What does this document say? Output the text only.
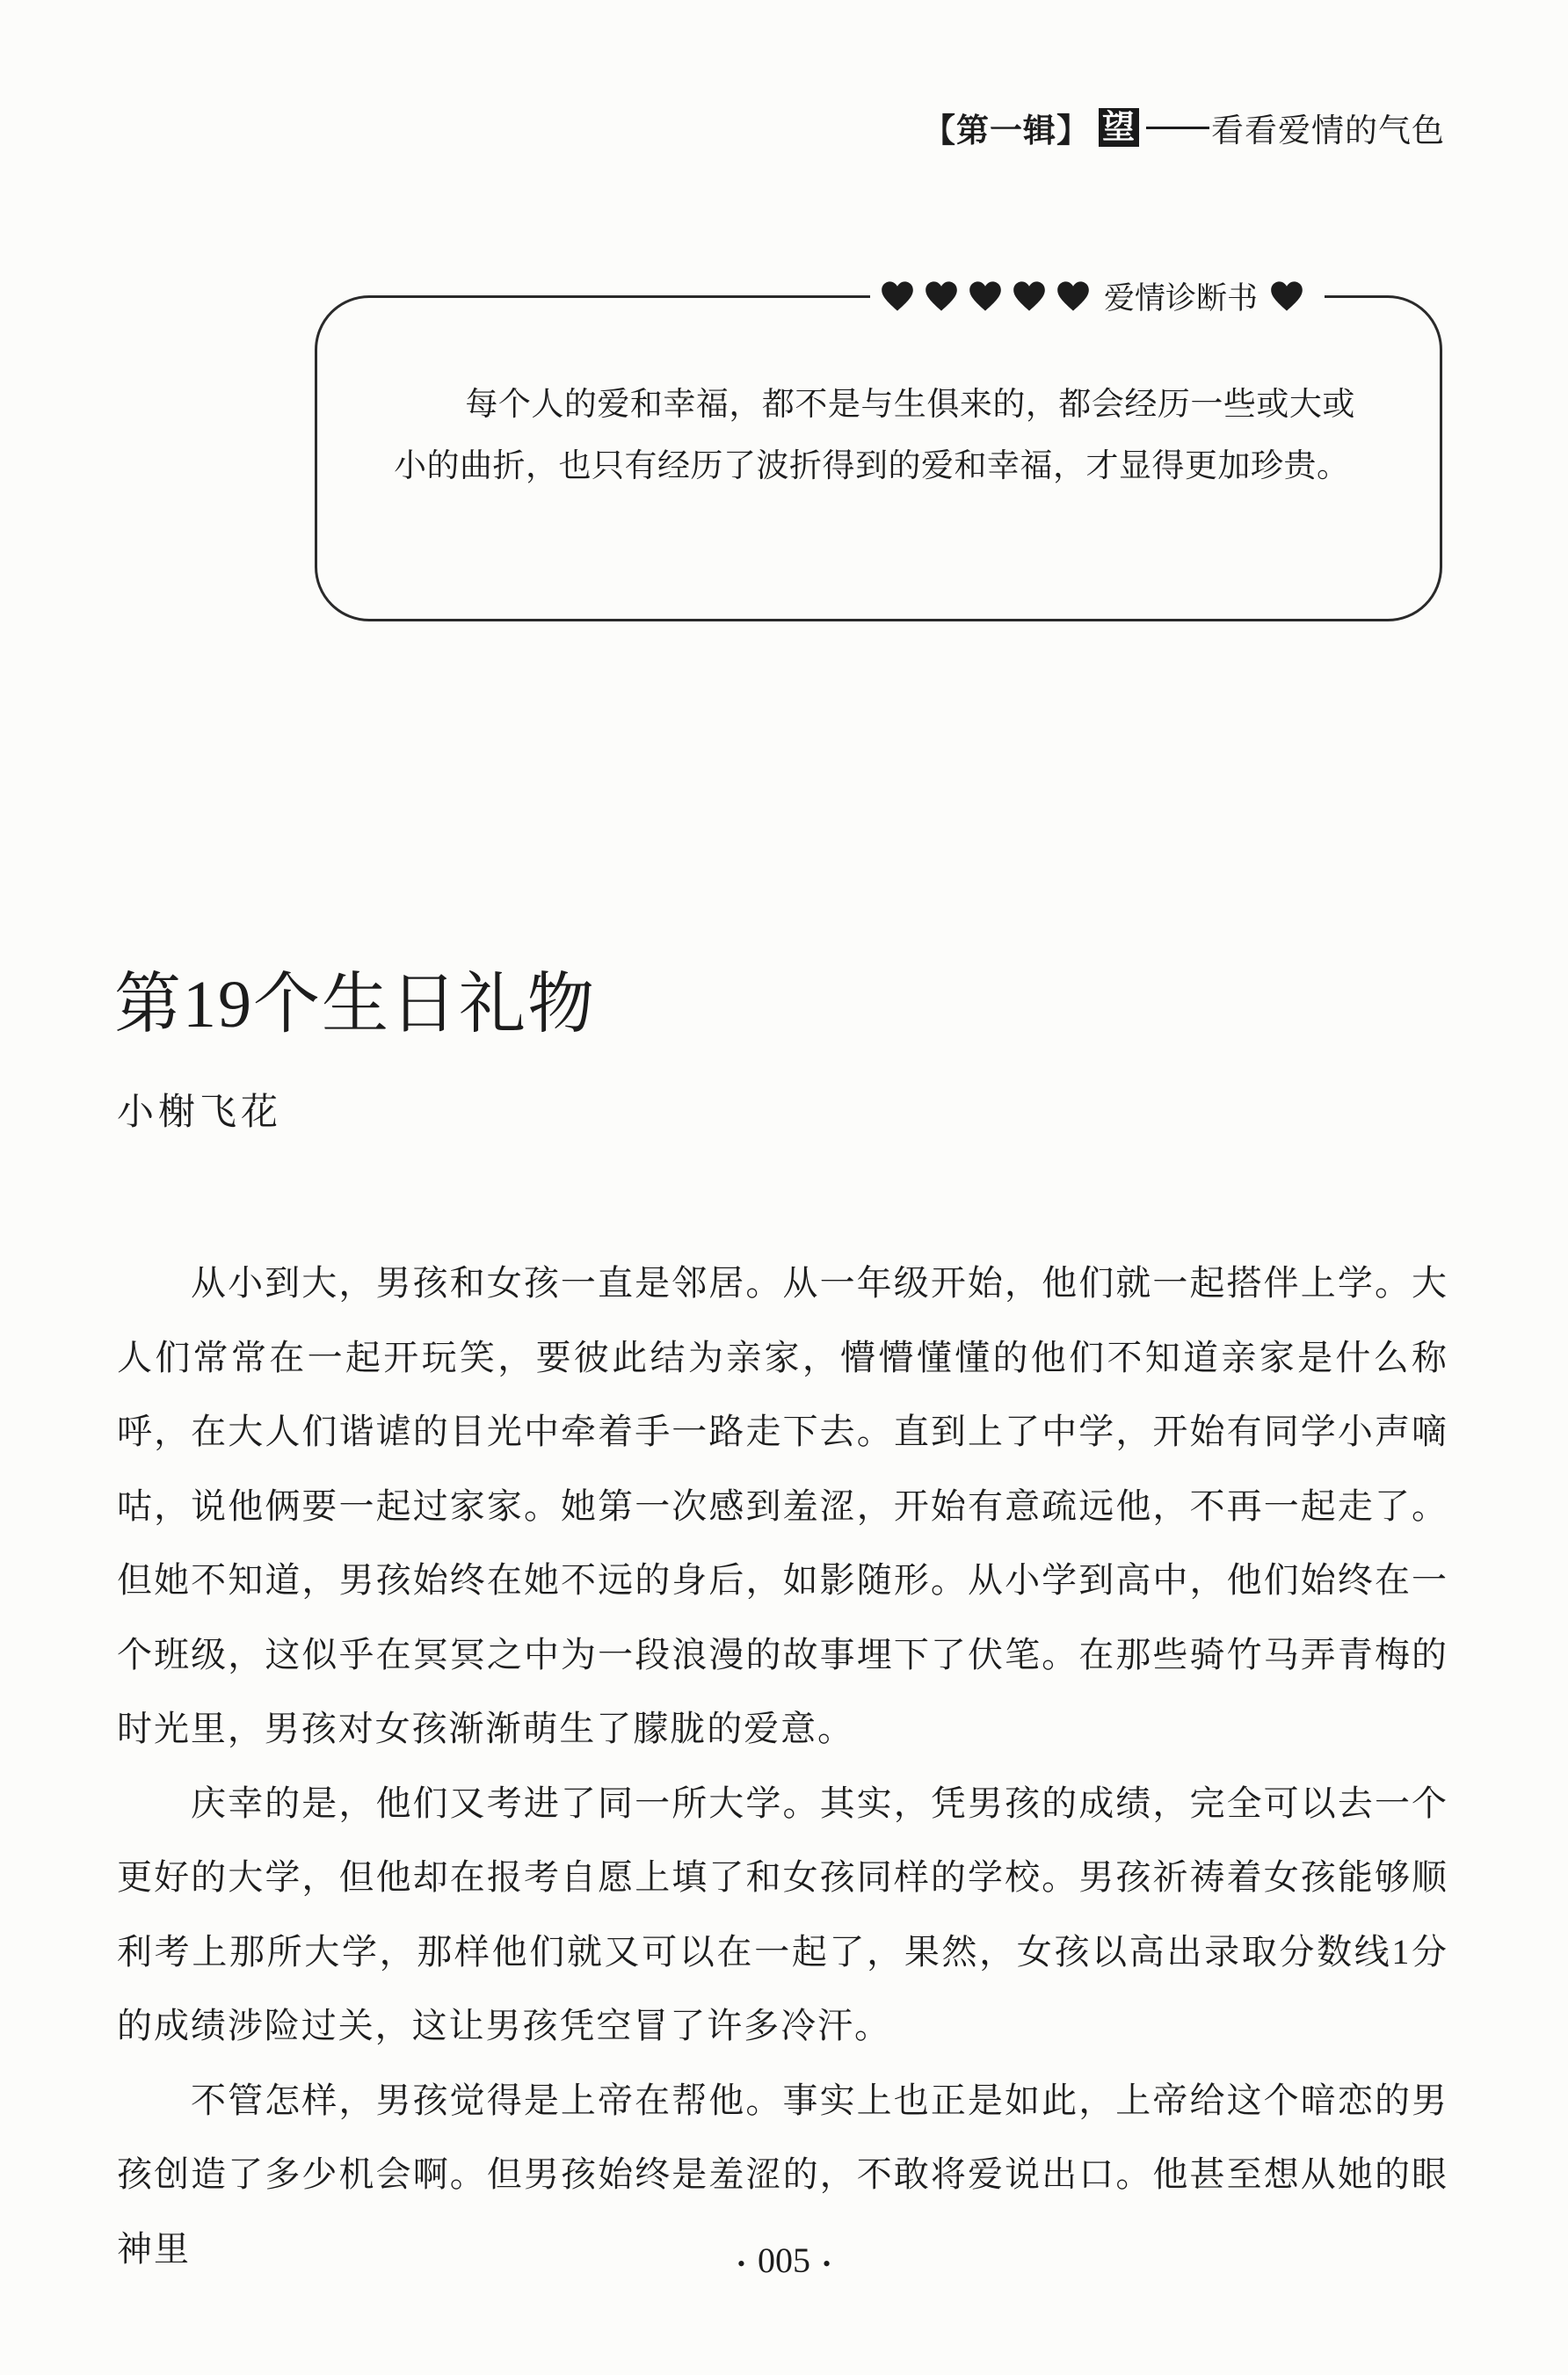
【第一辑】 望 看看爱情的气色
爱情诊断书
每个人的爱和幸福，都不是与生俱来的，都会经历一些或大或小的曲折，也只有经历了波折得到的爱和幸福，才显得更加珍贵。
第19个生日礼物
小榭飞花

从小到大，男孩和女孩一直是邻居。从一年级开始，他们就一起搭伴上学。大人们常常在一起开玩笑，要彼此结为亲家，懵懵懂懂的他们不知道亲家是什么称呼，在大人们谐谑的目光中牵着手一路走下去。直到上了中学，开始有同学小声嘀咕，说他俩要一起过家家。她第一次感到羞涩，开始有意疏远他，不再一起走了。但她不知道，男孩始终在她不远的身后，如影随形。从小学到高中，他们始终在一个班级，这似乎在冥冥之中为一段浪漫的故事埋下了伏笔。在那些骑竹马弄青梅的时光里，男孩对女孩渐渐萌生了朦胧的爱意。

庆幸的是，他们又考进了同一所大学。其实，凭男孩的成绩，完全可以去一个更好的大学，但他却在报考自愿上填了和女孩同样的学校。男孩祈祷着女孩能够顺利考上那所大学，那样他们就又可以在一起了，果然，女孩以高出录取分数线1分的成绩涉险过关，这让男孩凭空冒了许多冷汗。

不管怎样，男孩觉得是上帝在帮他。事实上也正是如此，上帝给这个暗恋的男孩创造了多少机会啊。但男孩始终是羞涩的，不敢将爱说出口。他甚至想从她的眼神里	• 005 •
